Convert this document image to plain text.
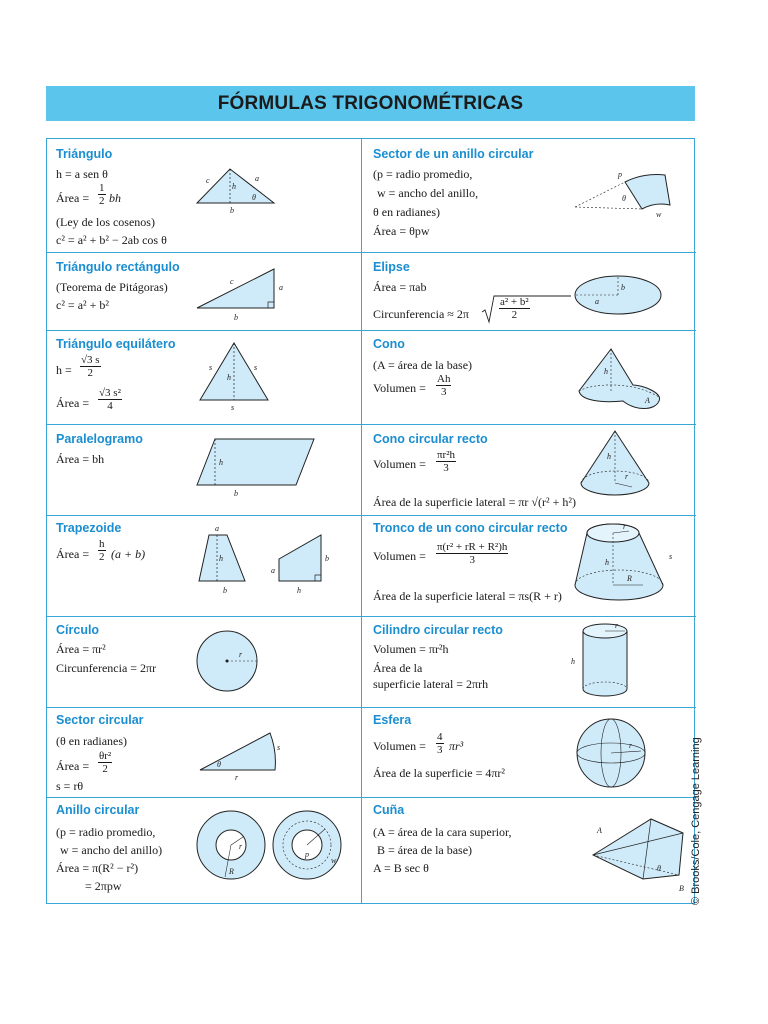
FÓRMULAS TRIGONOMÉTRICAS
Triángulo
h = a sen θ
Área = $\frac{1}{2}$ bh
(Ley de los cosenos)
c² = a² + b² − 2ab cos θ
c	a
h
θ
b
Sector de un anillo circular
(p = radio promedio,
w = ancho del anillo,
θ en radianes)
Área = θpw
p
θ
w
Triángulo rectángulo
(Teorema de Pitágoras)
c² = a² + b²
c
a
b
Elipse
Área = πab
Circunferencia ≈ 2π	$\frac{\text{a² + b²}}{2}$
b
a
Triángulo equilátero
$h = \frac{√3 s}{2}$
Área = $\frac{\text{√3 s²}}{4}$
s	s
h
s
Cono
(A = área de la base)
Volumen = $\frac{Ah}{3}$
h
A
Paralelogramo
Área = bh	h
b
Cono circular recto
Volumen = $\frac{\text{πr²h}}{3}$
Área de la superficie lateral = πr √(r² + h²)
h
r
Trapezoide
Área = $\frac{h}{2} (a + b)$
a
h
b
a
h
b
Tronco de un cono circular recto
Volumen = $\frac{\text{π(r² + rR + R²)h}}{3}$
Área de la superficie lateral = πs(R + r)
r
s
h
R
Círculo
Área = πr²
Circunferencia = 2πr
r
Cilindro circular recto
Volumen = πr²h
Área de la
superficie lateral = 2πrh
r
h
Sector circular
(θ en radianes)
Área = $\frac{\text{θr²}}{2}$
s = rθ
s
θ
r
Esfera
Volumen = $\frac{4}{3} \pi r^3$
Área de la superficie = 4πr²
r
Anillo circular
(p = radio promedio,
w = ancho del anillo)
Área = π(R² − r²)
= 2πpw
r
R
p
w
Cuña
(A = área de la cara superior,
B = área de la base)
A = B sec θ
A
θ
B © Brooks/Cole, Cengage Learning
